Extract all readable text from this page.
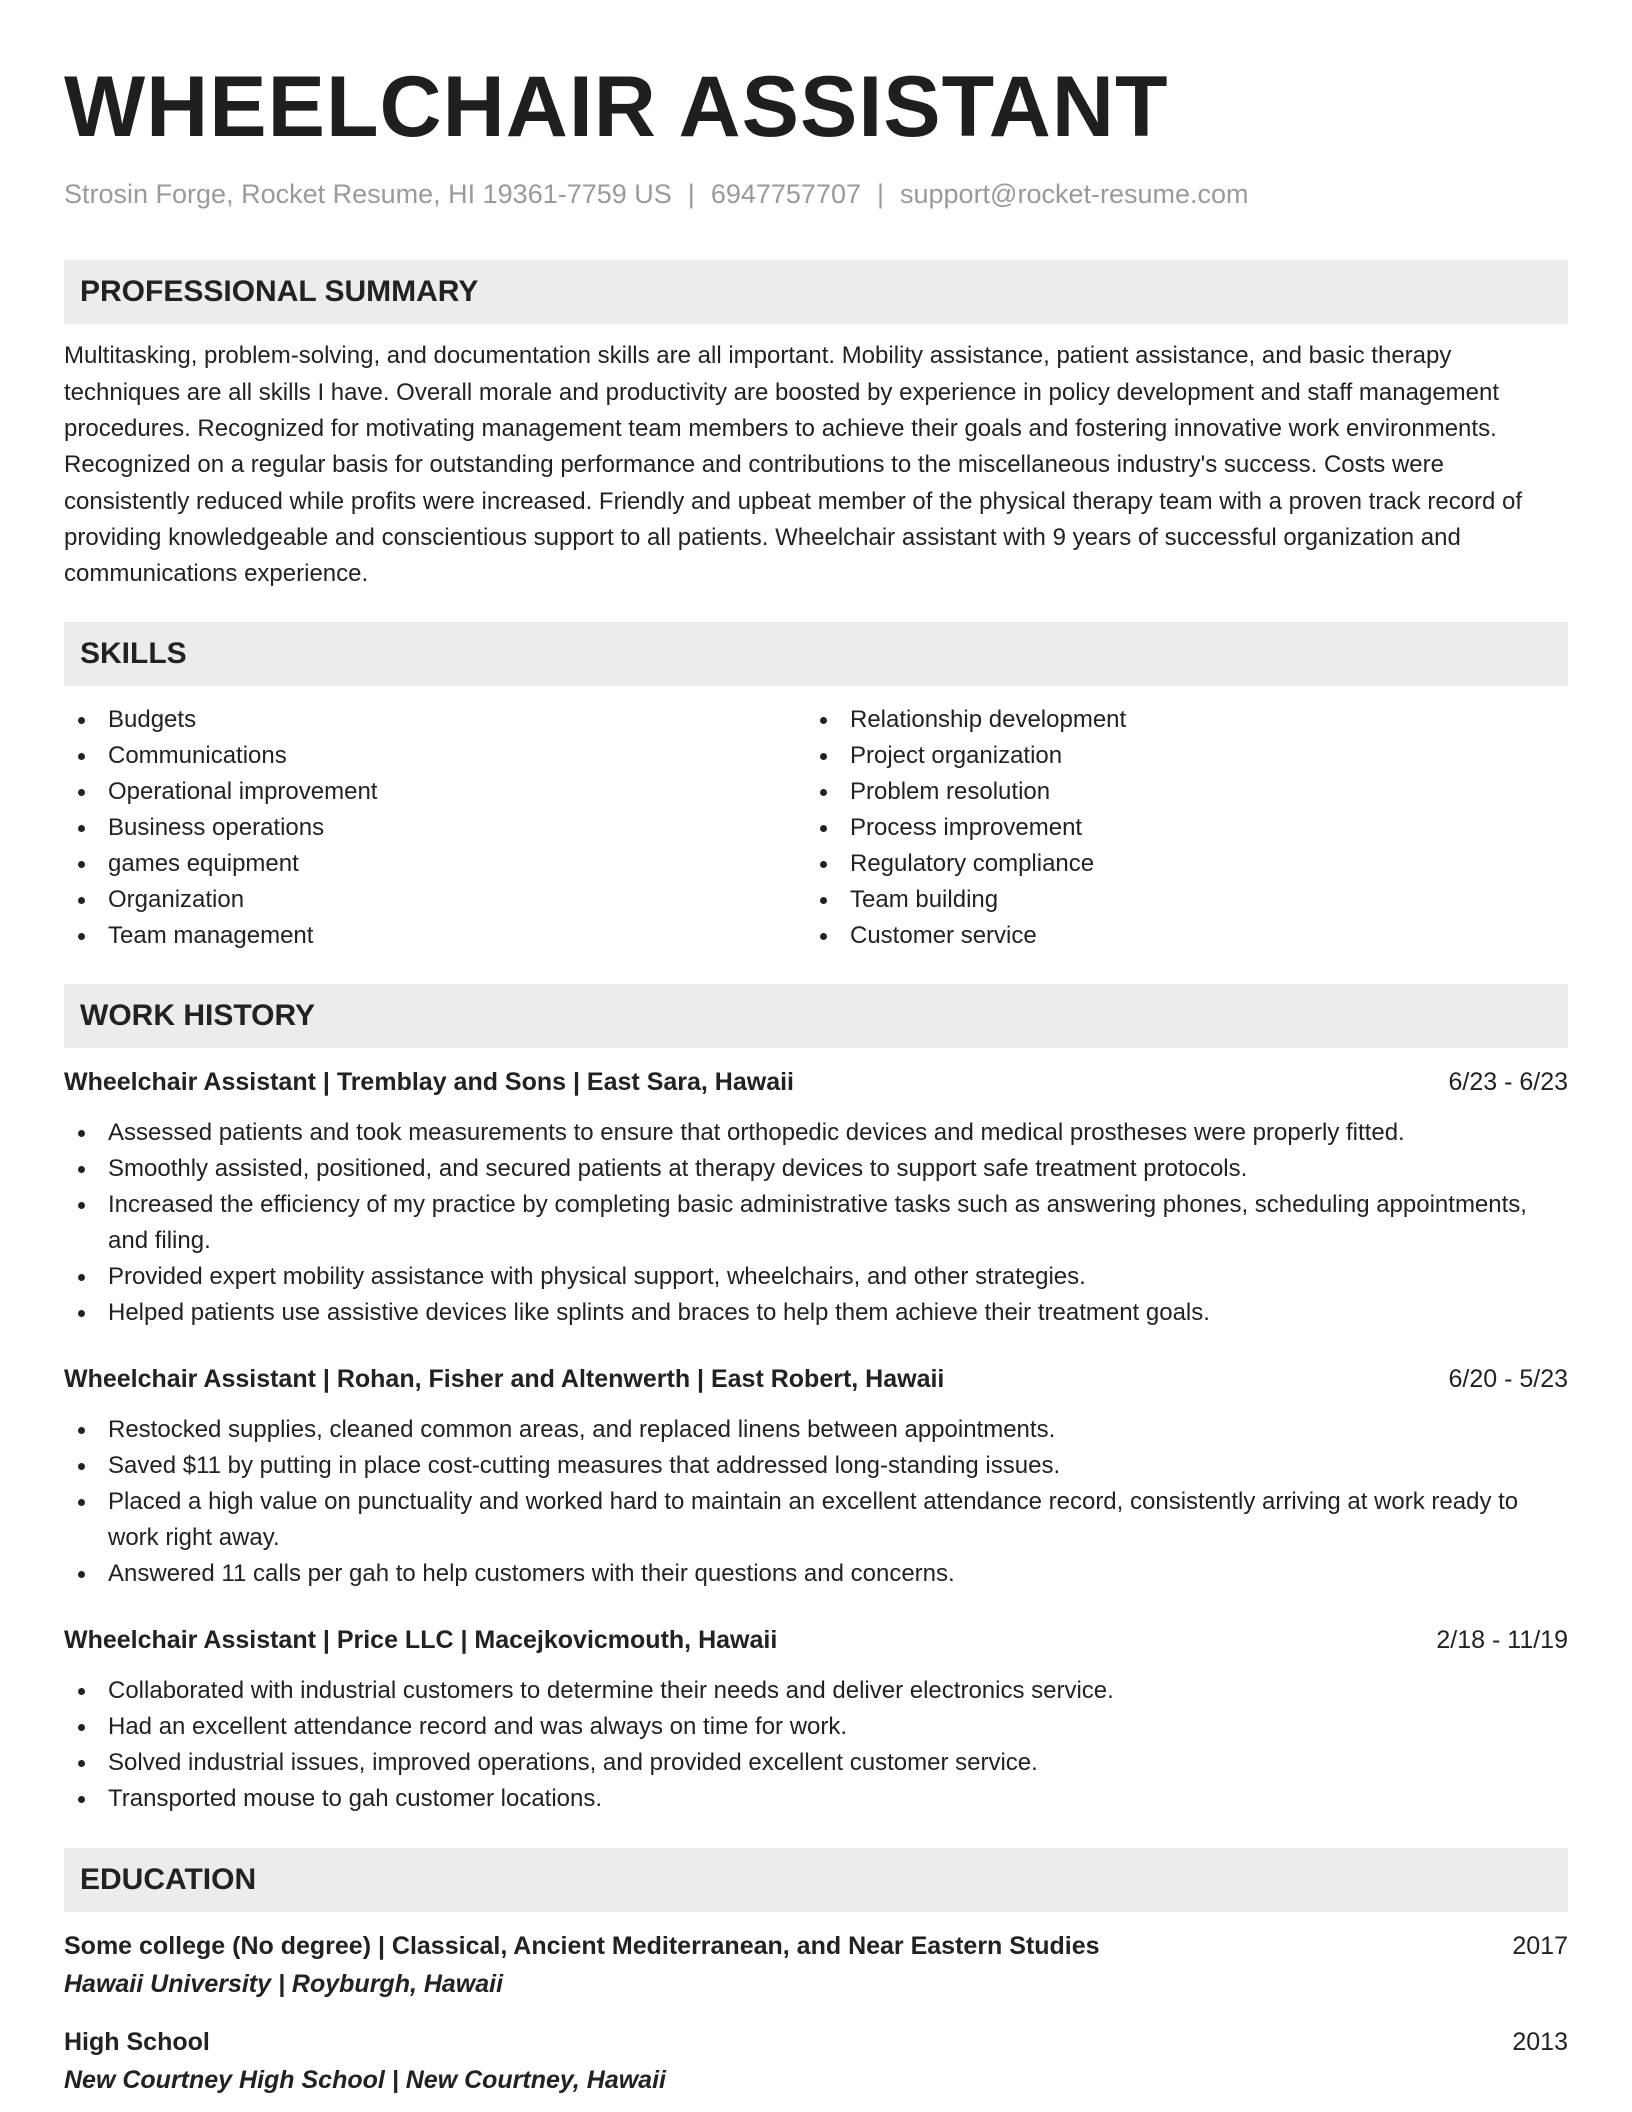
WHEELCHAIR ASSISTANT
Strosin Forge, Rocket Resume, HI 19361-7759 US | 6947757707 | support@rocket-resume.com
PROFESSIONAL SUMMARY

Multitasking, problem-solving, and documentation skills are all important. Mobility assistance, patient assistance, and basic therapy techniques are all skills I have. Overall morale and productivity are boosted by experience in policy development and staff management procedures. Recognized for motivating management team members to achieve their goals and fostering innovative work environments. Recognized on a regular basis for outstanding performance and contributions to the miscellaneous industry's success. Costs were consistently reduced while profits were increased. Friendly and upbeat member of the physical therapy team with a proven track record of providing knowledgeable and conscientious support to all patients. Wheelchair assistant with 9 years of successful organization and communications experience.

SKILLS
Budgets
Communications
Operational improvement
Business operations
games equipment
Organization
Team management
Relationship development
Project organization
Problem resolution
Process improvement
Regulatory compliance
Team building
Customer service
WORK HISTORY
Wheelchair Assistant | Tremblay and Sons | East Sara, Hawaii	6/23 - 6/23
Assessed patients and took measurements to ensure that orthopedic devices and medical prostheses were properly fitted.
Smoothly assisted, positioned, and secured patients at therapy devices to support safe treatment protocols.
Increased the efficiency of my practice by completing basic administrative tasks such as answering phones, scheduling appointments, and filing.
Provided expert mobility assistance with physical support, wheelchairs, and other strategies.
Helped patients use assistive devices like splints and braces to help them achieve their treatment goals.
Wheelchair Assistant | Rohan, Fisher and Altenwerth | East Robert, Hawaii	6/20 - 5/23
Restocked supplies, cleaned common areas, and replaced linens between appointments.
Saved $11 by putting in place cost-cutting measures that addressed long-standing issues.
Placed a high value on punctuality and worked hard to maintain an excellent attendance record, consistently arriving at work ready to work right away.
Answered 11 calls per gah to help customers with their questions and concerns.
Wheelchair Assistant | Price LLC | Macejkovicmouth, Hawaii	2/18 - 11/19
Collaborated with industrial customers to determine their needs and deliver electronics service.
Had an excellent attendance record and was always on time for work.
Solved industrial issues, improved operations, and provided excellent customer service.
Transported mouse to gah customer locations.
EDUCATION
Some college (No degree) | Classical, Ancient Mediterranean, and Near Eastern Studies	2017
Hawaii University | Royburgh, Hawaii
High School	2013
New Courtney High School | New Courtney, Hawaii
